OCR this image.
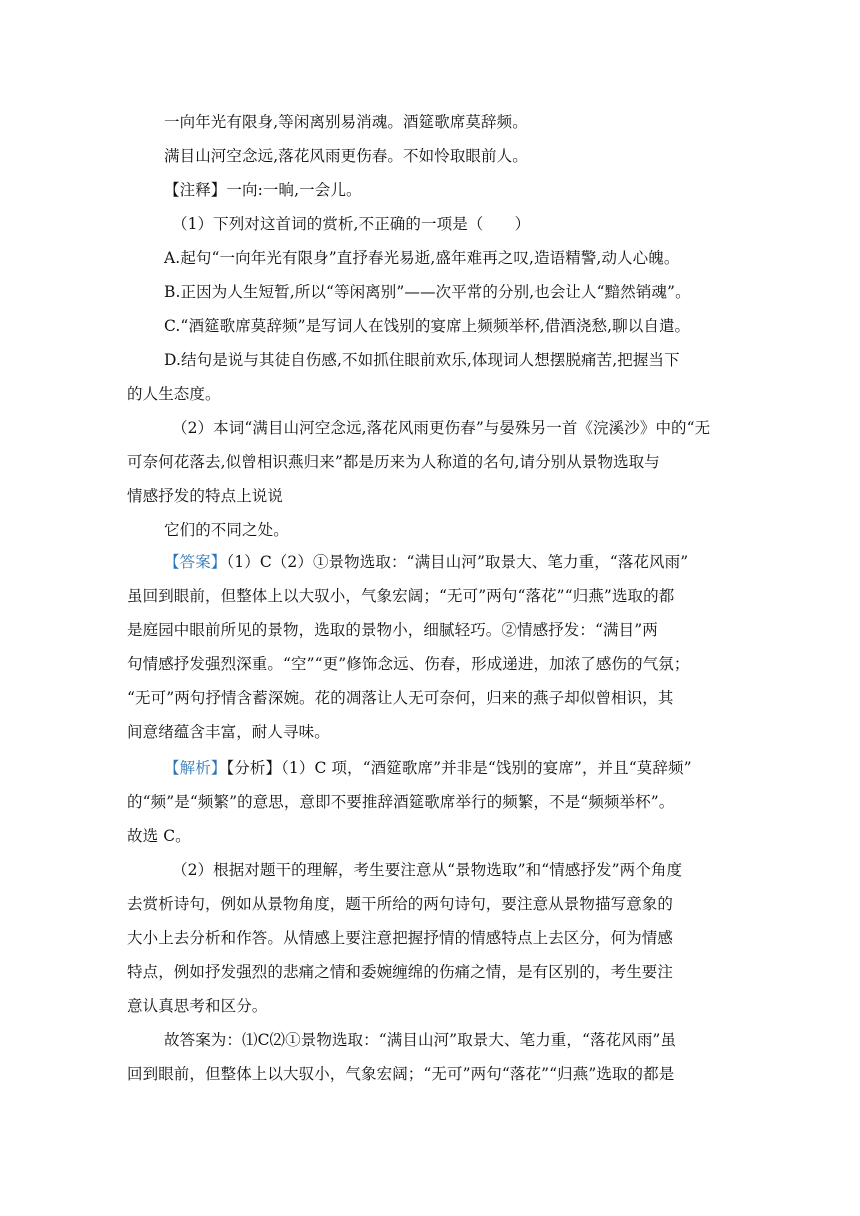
一向年光有限身,等闲离别易消魂。酒筵歌席莫辞频。
满目山河空念远,落花风雨更伤春。不如怜取眼前人。
【注释】一向:一晌,一会儿。
（1）下列对这首词的赏析,不正确的一项是（　　）
A.起句“一向年光有限身”直抒春光易逝,盛年难再之叹,造语精警,动人心魄。
B.正因为人生短暂,所以“等闲离别”——次平常的分别,也会让人“黯然销魂”。
C.“酒筵歌席莫辞频”是写词人在饯别的宴席上频频举杯,借酒浇愁,聊以自遣。
D.结句是说与其徒自伤感,不如抓住眼前欢乐,体现词人想摆脱痛苦,把握当下
的人生态度。
（2）本词“满目山河空念远,落花风雨更伤春”与晏殊另一首《浣溪沙》中的“无
可奈何花落去,似曾相识燕归来”都是历来为人称道的名句,请分别从景物选取与
情感抒发的特点上说说
它们的不同之处。
【答案】（1）C（2）①景物选取：“满目山河”取景大、笔力重，“落花风雨”
虽回到眼前，但整体上以大驭小，气象宏阔；“无可”两句“落花”“归燕”选取的都
是庭园中眼前所见的景物，选取的景物小，细腻轻巧。②情感抒发：“满目”两
句情感抒发强烈深重。“空”“更”修饰念远、伤春，形成递进，加浓了感伤的气氛；
“无可”两句抒情含蓄深婉。花的凋落让人无可奈何，归来的燕子却似曾相识，其
间意绪蕴含丰富，耐人寻味。
【解析】【分析】（1）C 项，“酒筵歌席”并非是“饯别的宴席”，并且“莫辞频”
的“频”是“频繁”的意思，意即不要推辞酒筵歌席举行的频繁，不是“频频举杯”。
故选 C。
（2）根据对题干的理解，考生要注意从“景物选取”和“情感抒发”两个角度
去赏析诗句，例如从景物角度，题干所给的两句诗句，要注意从景物描写意象的
大小上去分析和作答。从情感上要注意把握抒情的情感特点上去区分，何为情感
特点，例如抒发强烈的悲痛之情和委婉缠绵的伤痛之情，是有区别的，考生要注
意认真思考和区分。
故答案为：⑴C⑵①景物选取：“满目山河”取景大、笔力重，“落花风雨”虽
回到眼前，但整体上以大驭小，气象宏阔；“无可”两句“落花”“归燕”选取的都是
